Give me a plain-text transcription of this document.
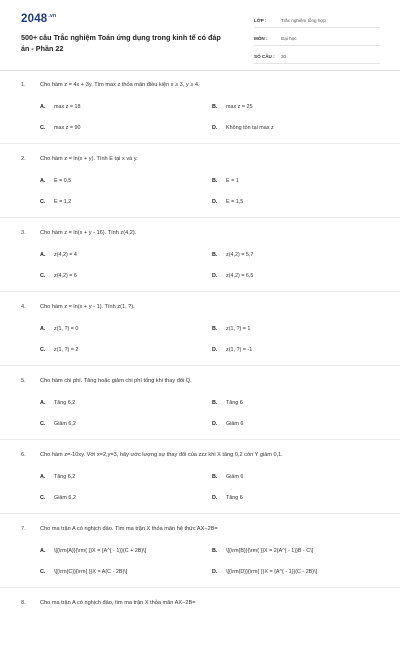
$2048^{.vn}$
500+ câu Trắc nghiệm Toán ứng dụng trong kinh tế có đáp án - Phần 22
LỚP :	Trắc nghiệm tổng hợp
MÔN :	Đại học
SỐ CÂU :	30
1.	Cho hàm z = 4x + 3y. Tìm max z thỏa mãn điều kiện x ≥ 3, y ≥ 4.
A.	max z = 18	B.	max z = 25
C.	max z = 90	D.	Không tồn tại max z
2.	Cho hàm z = ln(x + y). Tính E tại x và y.
A.	E = 0,5	B.	E = 1
C.	E = 1,2	D.	E = 1,5
3.	Cho hàm z = ln(x + y - 16). Tính z(4,2).
A.	z(4,2) = 4	B.	z(4,2) = 5,7
C.	z(4,2) = 6	D.	z(4,2) = 6,5
4.	Cho hàm z = ln(x + y - 1). Tính z(1, ?).
A.	z(1, ?) = 0	B.	z(1, ?) = 1
C.	z(1, ?) = 2	D.	z(1, ?) = -1
5.	Cho hàm chi phí. Tăng hoặc giảm chi phí tổng khi thay đổi Q.
A.	Tăng 6,2	B.	Tăng 6
C.	Giảm 6,2	D.	Giảm 6
6.	Cho hàm z=-10xy. Với x=2,y=3, hãy ước lượng sự thay đổi của zzz khi X tăng 0,2 còn Y giảm 0,1.
A.	Tăng 6,2	B.	Giảm 6
C.	Giảm 6,2	D.	Tăng 6
7.	Cho ma trận A có nghịch đảo. Tìm ma trận X thỏa mãn hệ thức AX−2B=
A.	\[{\rm{A}}{\rm{ }}X = {A^{ - 1}}(C + 2B)\]	B.	\[{\rm{B}}{\rm{ }}X = 2{A^{ - 1}}B - C\]
C.	\[{\rm{C}}{\rm{ }}X = A(C - 2B)\]	D.	\[{\rm{D}}{\rm{ }}X = {A^{ - 1}}(C - 2B)\]
8.	Cho ma trận A có nghịch đảo, tìm ma trận X thỏa mãn AX−2B=
